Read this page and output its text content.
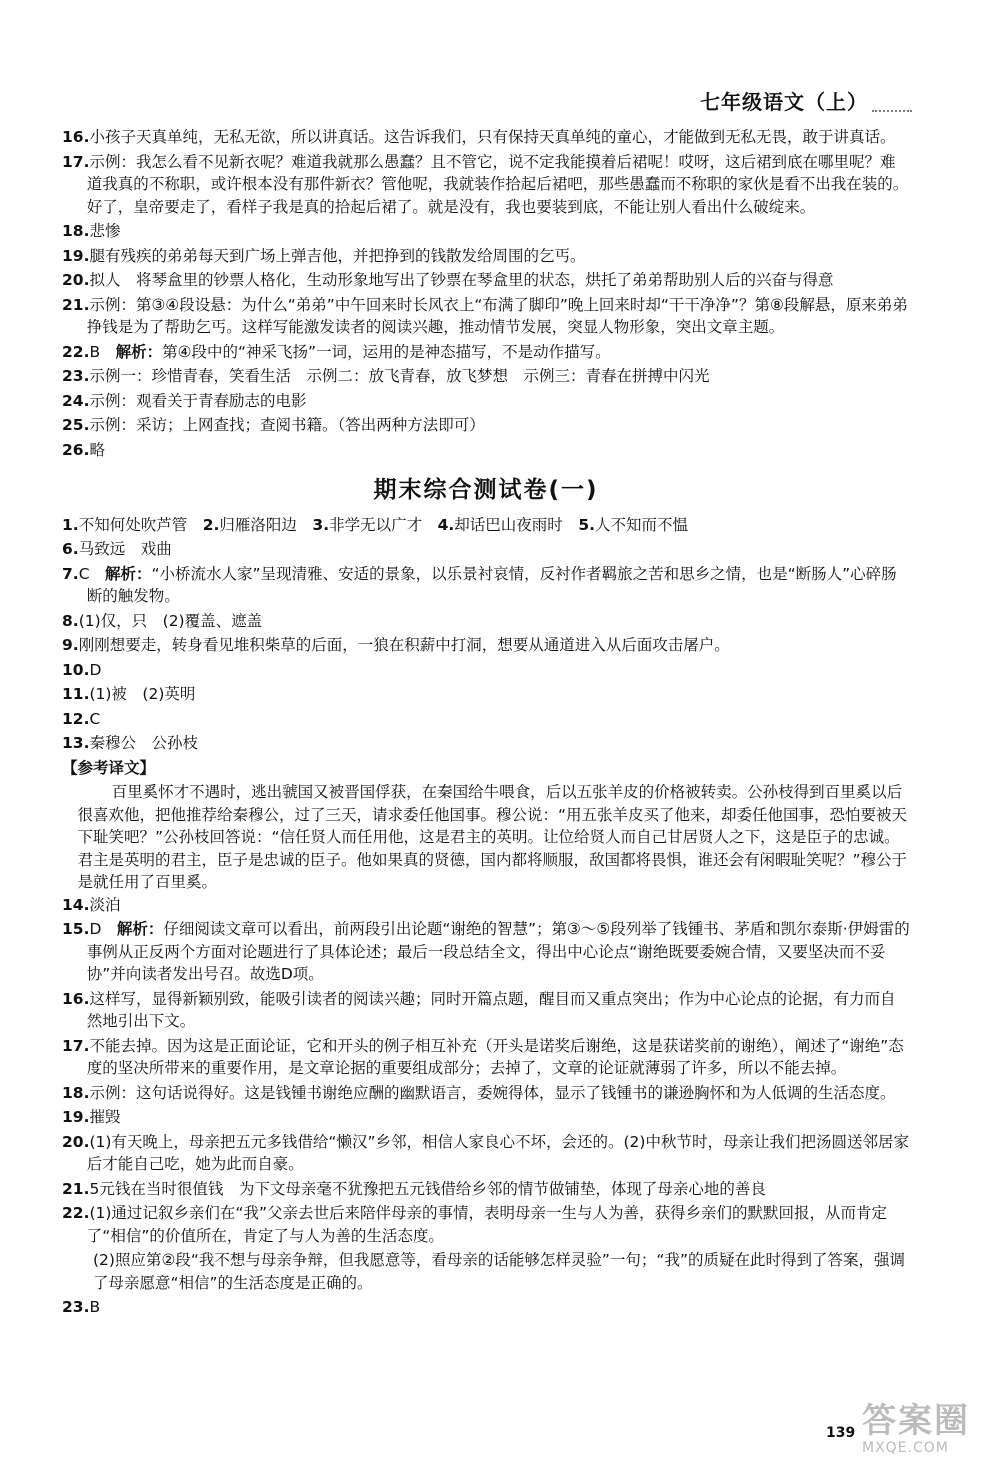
七年级语文（上）
16.小孩子天真单纯，无私无欲，所以讲真话。这告诉我们，只有保持天真单纯的童心，才能做到无私无畏，敢于讲真话。
17.示例：我怎么看不见新衣呢？难道我就那么愚蠢？且不管它，说不定我能摸着后裙呢！哎呀，这后裙到底在哪里呢？难道我真的不称职，或许根本没有那件新衣？管他呢，我就装作拾起后裙吧，那些愚蠢而不称职的家伙是看不出我在装的。好了，皇帝要走了，看样子我是真的拾起后裙了。就是没有，我也要装到底，不能让别人看出什么破绽来。
18.悲惨
19.腿有残疾的弟弟每天到广场上弹吉他，并把挣到的钱散发给周围的乞丐。
20.拟人　将琴盒里的钞票人格化，生动形象地写出了钞票在琴盒里的状态，烘托了弟弟帮助别人后的兴奋与得意
21.示例：第③④段设悬：为什么“弟弟”中午回来时长风衣上“布满了脚印”晚上回来时却“干干净净”？第⑧段解悬，原来弟弟挣钱是为了帮助乞丐。这样写能激发读者的阅读兴趣，推动情节发展，突显人物形象，突出文章主题。
22.B　解析：第④段中的“神采飞扬”一词，运用的是神态描写，不是动作描写。
23.示例一：珍惜青春，笑看生活　示例二：放飞青春，放飞梦想　示例三：青春在拼搏中闪光
24.示例：观看关于青春励志的电影
25.示例：采访；上网查找；查阅书籍。（答出两种方法即可）
26.略
期末综合测试卷(一)
1.不知何处吹芦管　2.归雁洛阳边　3.非学无以广才　4.却话巴山夜雨时　5.人不知而不愠
6.马致远　戏曲
7.C　解析：“小桥流水人家”呈现清雅、安适的景象，以乐景衬哀情，反衬作者羁旅之苦和思乡之情，也是“断肠人”心碎肠断的触发物。
8.(1)仅，只　(2)覆盖、遮盖
9.刚刚想要走，转身看见堆积柴草的后面，一狼在积薪中打洞，想要从通道进入从后面攻击屠户。
10.D
11.(1)被　(2)英明
12.C
13.秦穆公　公孙枝
【参考译文】

百里奚怀才不遇时，逃出虢国又被晋国俘获，在秦国给牛喂食，后以五张羊皮的价格被转卖。公孙枝得到百里奚以后很喜欢他，把他推荐给秦穆公，过了三天，请求委任他国事。穆公说：“用五张羊皮买了他来，却委任他国事，恐怕要被天下耻笑吧？”公孙枝回答说：“信任贤人而任用他，这是君主的英明。让位给贤人而自己甘居贤人之下，这是臣子的忠诚。君主是英明的君主，臣子是忠诚的臣子。他如果真的贤德，国内都将顺服，敌国都将畏惧，谁还会有闲暇耻笑呢？”穆公于是就任用了百里奚。

14.淡泊
15.D　解析：仔细阅读文章可以看出，前两段引出论题“谢绝的智慧”；第③～⑤段列举了钱锺书、茅盾和凯尔泰斯·伊姆雷的事例从正反两个方面对论题进行了具体论述；最后一段总结全文，得出中心论点“谢绝既要委婉合情，又要坚决而不妥协”并向读者发出号召。故选D项。
16.这样写，显得新颖别致，能吸引读者的阅读兴趣；同时开篇点题，醒目而又重点突出；作为中心论点的论据，有力而自然地引出下文。
17.不能去掉。因为这是正面论证，它和开头的例子相互补充（开头是诺奖后谢绝，这是获诺奖前的谢绝），阐述了“谢绝”态度的坚决所带来的重要作用，是文章论据的重要组成部分；去掉了，文章的论证就薄弱了许多，所以不能去掉。
18.示例：这句话说得好。这是钱锺书谢绝应酬的幽默语言，委婉得体，显示了钱锺书的谦逊胸怀和为人低调的生活态度。
19.摧毁
20.(1)有天晚上，母亲把五元多钱借给“懒汉”乡邻，相信人家良心不坏，会还的。(2)中秋节时，母亲让我们把汤圆送邻居家后才能自己吃，她为此而自豪。
21.5元钱在当时很值钱　为下文母亲毫不犹豫把五元钱借给乡邻的情节做铺垫，体现了母亲心地的善良
22.(1)通过记叙乡亲们在“我”父亲去世后来陪伴母亲的事情，表明母亲一生与人为善，获得乡亲们的默默回报，从而肯定了“相信”的价值所在，肯定了与人为善的生活态度。
(2)照应第②段“我不想与母亲争辩，但我愿意等，看母亲的话能够怎样灵验”一句；“我”的质疑在此时得到了答案，强调了母亲愿意“相信”的生活态度是正确的。
23.B
139 答案圈
MXQE.COM
